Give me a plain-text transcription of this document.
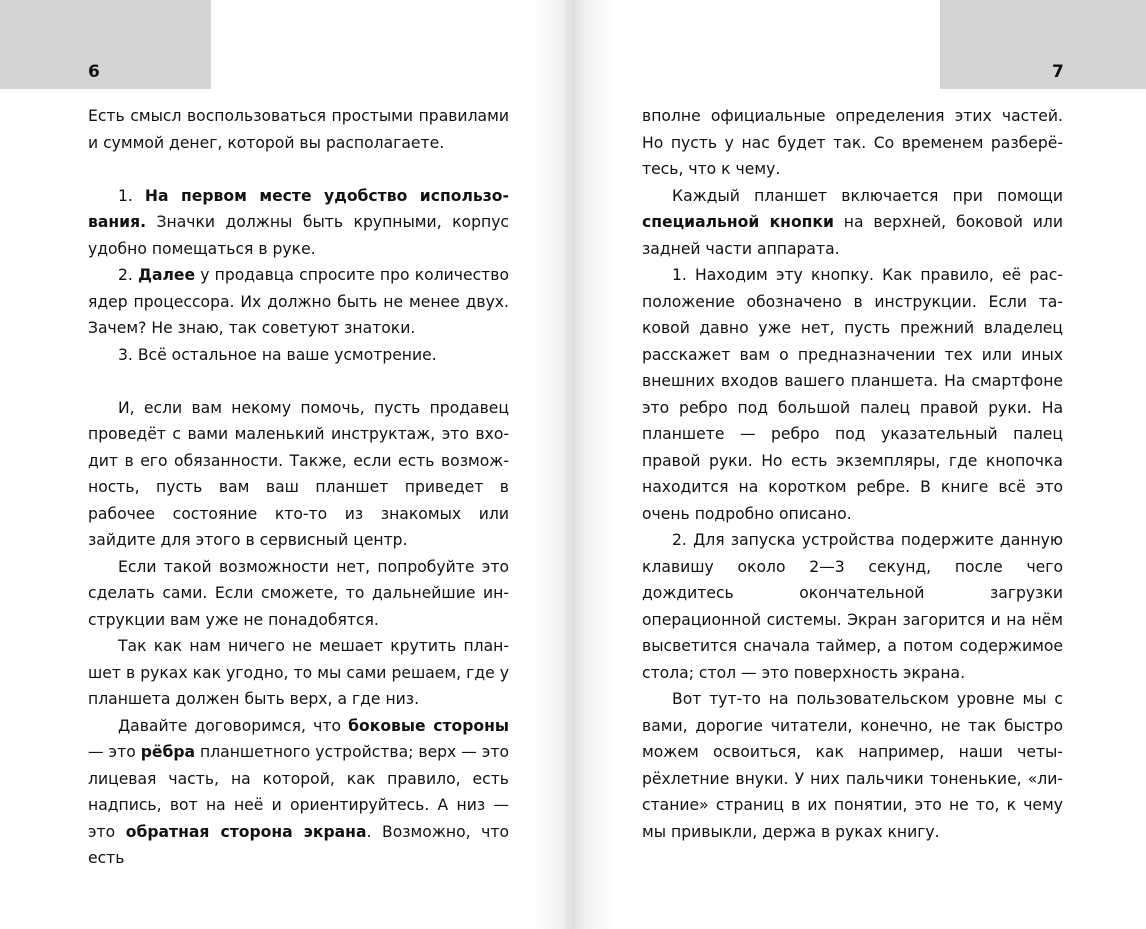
6

Есть смысл воспользоваться простыми правилами и суммой денег, которой вы располагаете.

1. На первом месте удобство использования. Значки должны быть крупными, корпус удобно помещаться в руке.

2. Далее у продавца спросите про количество ядер процессора. Их должно быть не менее двух. Зачем? Не знаю, так советуют знатоки.

3. Всё остальное на ваше усмотрение.

И, если вам некому помочь, пусть продавец проведёт с вами маленький инструктаж, это входит в его обязанности. Также, если есть возможность, пусть вам ваш планшет приведет в рабочее состояние кто-то из знакомых или зайдите для этого в сервисный центр.

Если такой возможности нет, попробуйте это сделать сами. Если сможете, то дальнейшие инструкции вам уже не понадобятся.

Так как нам ничего не мешает крутить планшет в руках как угодно, то мы сами решаем, где у планшета должен быть верх, а где низ.

Давайте договоримся, что боковые стороны — это рёбра планшетного устройства; верх — это лицевая часть, на которой, как правило, есть надпись, вот на неё и ориентируйтесь. А низ — это обратная сторона экрана. Возможно, что есть

7

вполне официальные определения этих частей. Но пусть у нас будет так. Со временем разберётесь, что к чему.

Каждый планшет включается при помощи специальной кнопки на верхней, боковой или задней части аппарата.

1. Находим эту кнопку. Как правило, её расположение обозначено в инструкции. Если таковой давно уже нет, пусть прежний владелец расскажет вам о предназначении тех или иных внешних входов вашего планшета. На смартфоне это ребро под большой палец правой руки. На планшете — ребро под указательный палец правой руки. Но есть экземпляры, где кнопочка находится на коротком ребре. В книге всё это очень подробно описано.

2. Для запуска устройства подержите данную клавишу около 2—3 секунд, после чего дождитесь окончательной загрузки операционной системы. Экран загорится и на нём высветится сначала таймер, а потом содержимое стола; стол — это поверхность экрана.

Вот тут-то на пользовательском уровне мы с вами, дорогие читатели, конечно, не так быстро можем освоиться, как например, наши четырёхлетние внуки. У них пальчики тоненькие, «листание» страниц в их понятии, это не то, к чему мы привыкли, держа в руках книгу.
